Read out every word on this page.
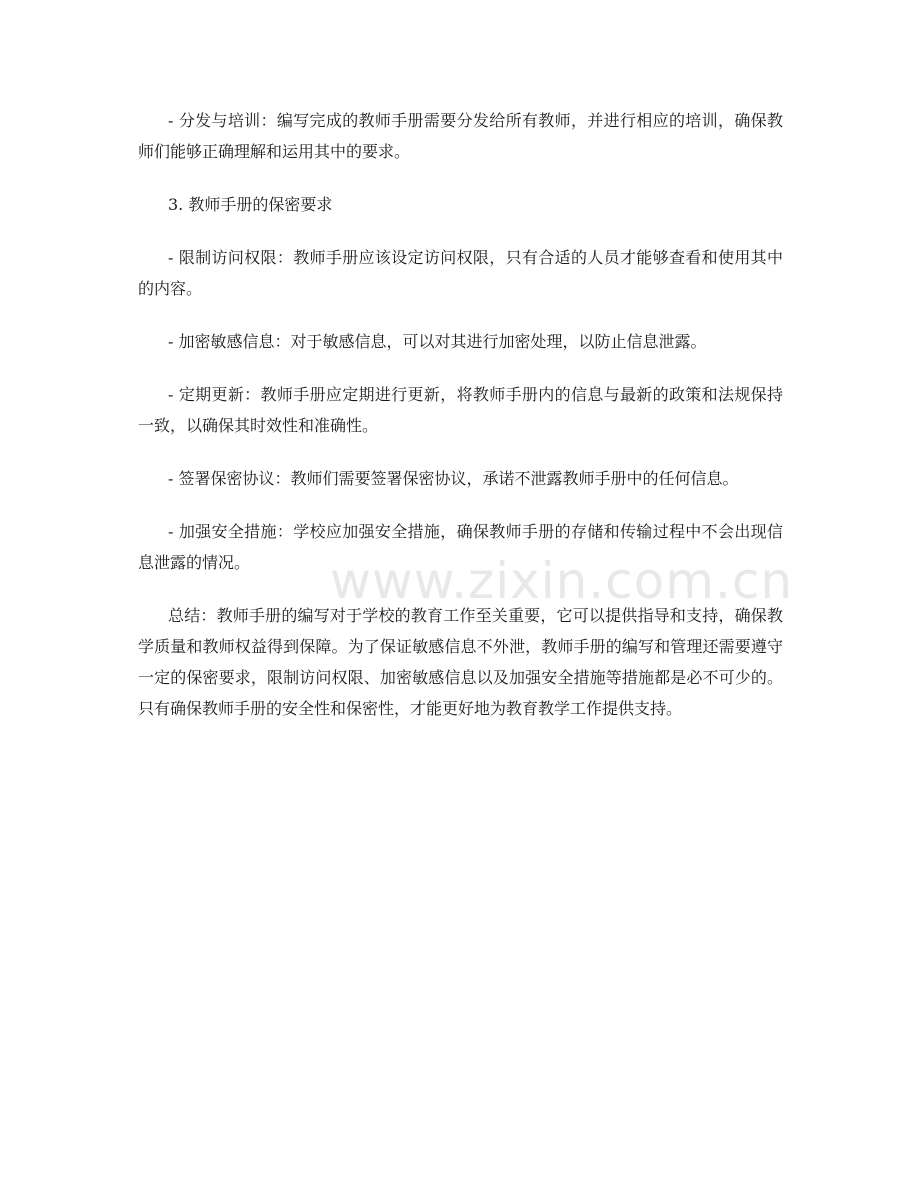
- 分发与培训：编写完成的教师手册需要分发给所有教师，并进行相应的培训，确保教师们能够正确理解和运用其中的要求。

3. 教师手册的保密要求

- 限制访问权限：教师手册应该设定访问权限，只有合适的人员才能够查看和使用其中的内容。

- 加密敏感信息：对于敏感信息，可以对其进行加密处理，以防止信息泄露。

- 定期更新：教师手册应定期进行更新，将教师手册内的信息与最新的政策和法规保持一致，以确保其时效性和准确性。

- 签署保密协议：教师们需要签署保密协议，承诺不泄露教师手册中的任何信息。

- 加强安全措施：学校应加强安全措施，确保教师手册的存储和传输过程中不会出现信息泄露的情况。

总结：教师手册的编写对于学校的教育工作至关重要，它可以提供指导和支持，确保教学质量和教师权益得到保障。为了保证敏感信息不外泄，教师手册的编写和管理还需要遵守一定的保密要求，限制访问权限、加密敏感信息以及加强安全措施等措施都是必不可少的。只有确保教师手册的安全性和保密性，才能更好地为教育教学工作提供支持。

www.zixin.com.cn
